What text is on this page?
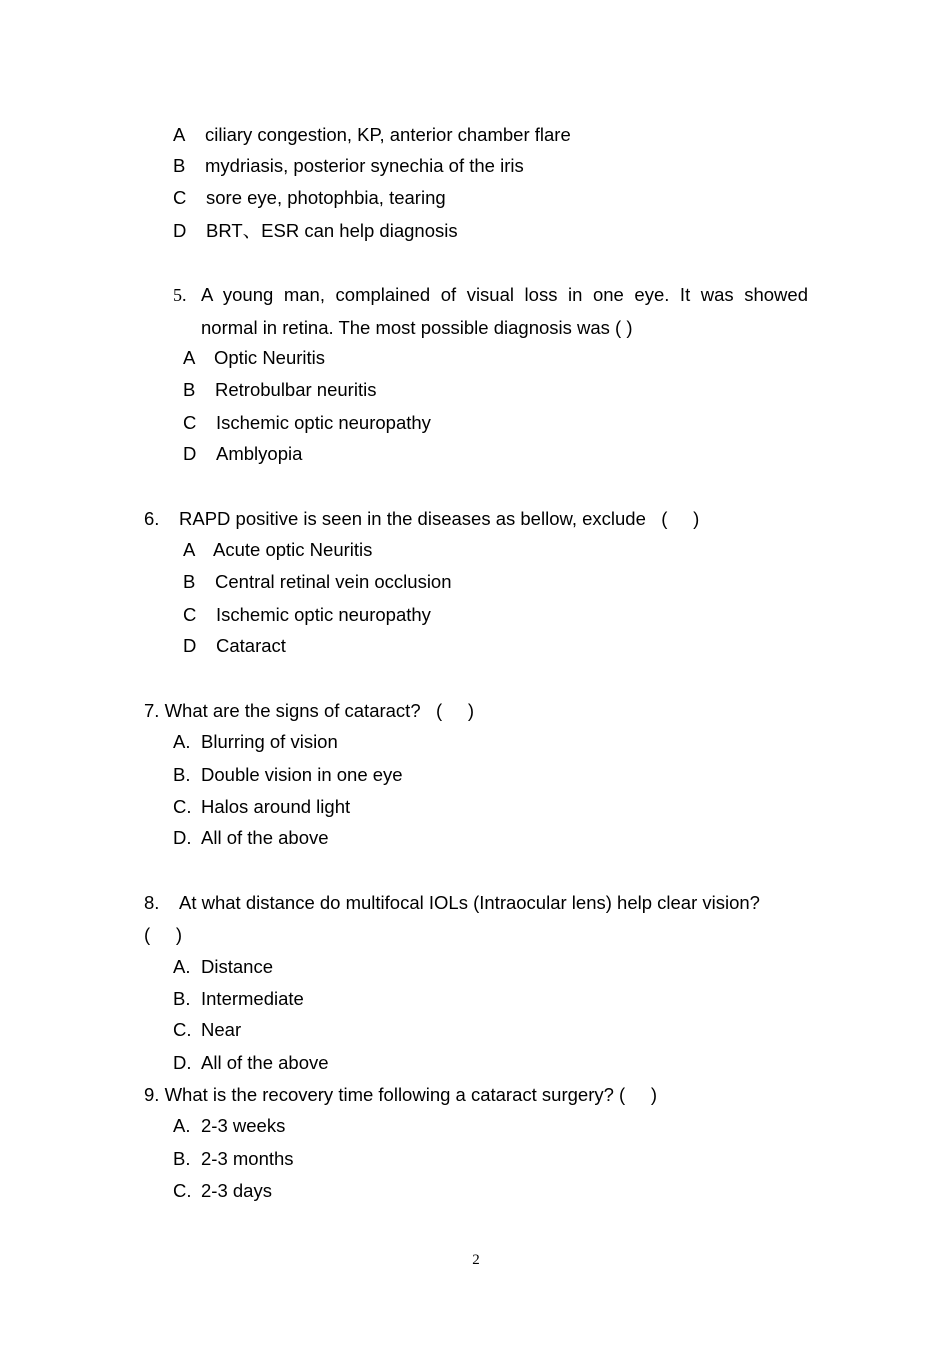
A ciliary congestion, KP, anterior chamber flare
B mydriasis, posterior synechia of the iris
C sore eye, photophbia, tearing
D BRT、ESR can help diagnosis
5. A young man, complained of visual loss in one eye. It was showed
normal in retina. The most possible diagnosis was ( )
A Optic Neuritis
B Retrobulbar neuritis
C Ischemic optic neuropathy
D Amblyopia
6. RAPD positive is seen in the diseases as bellow, exclude   (     )
A Acute optic Neuritis
B Central retinal vein occlusion
C Ischemic optic neuropathy
D Cataract
7. What are the signs of cataract?   (     )
A. Blurring of vision
B. Double vision in one eye
C. Halos around light
D. All of the above
8. At what distance do multifocal IOLs (Intraocular lens) help clear vision?
(     )
A. Distance
B. Intermediate
C. Near
D. All of the above
9. What is the recovery time following a cataract surgery? (     )
A. 2-3 weeks
B. 2-3 months
C. 2-3 days
2
